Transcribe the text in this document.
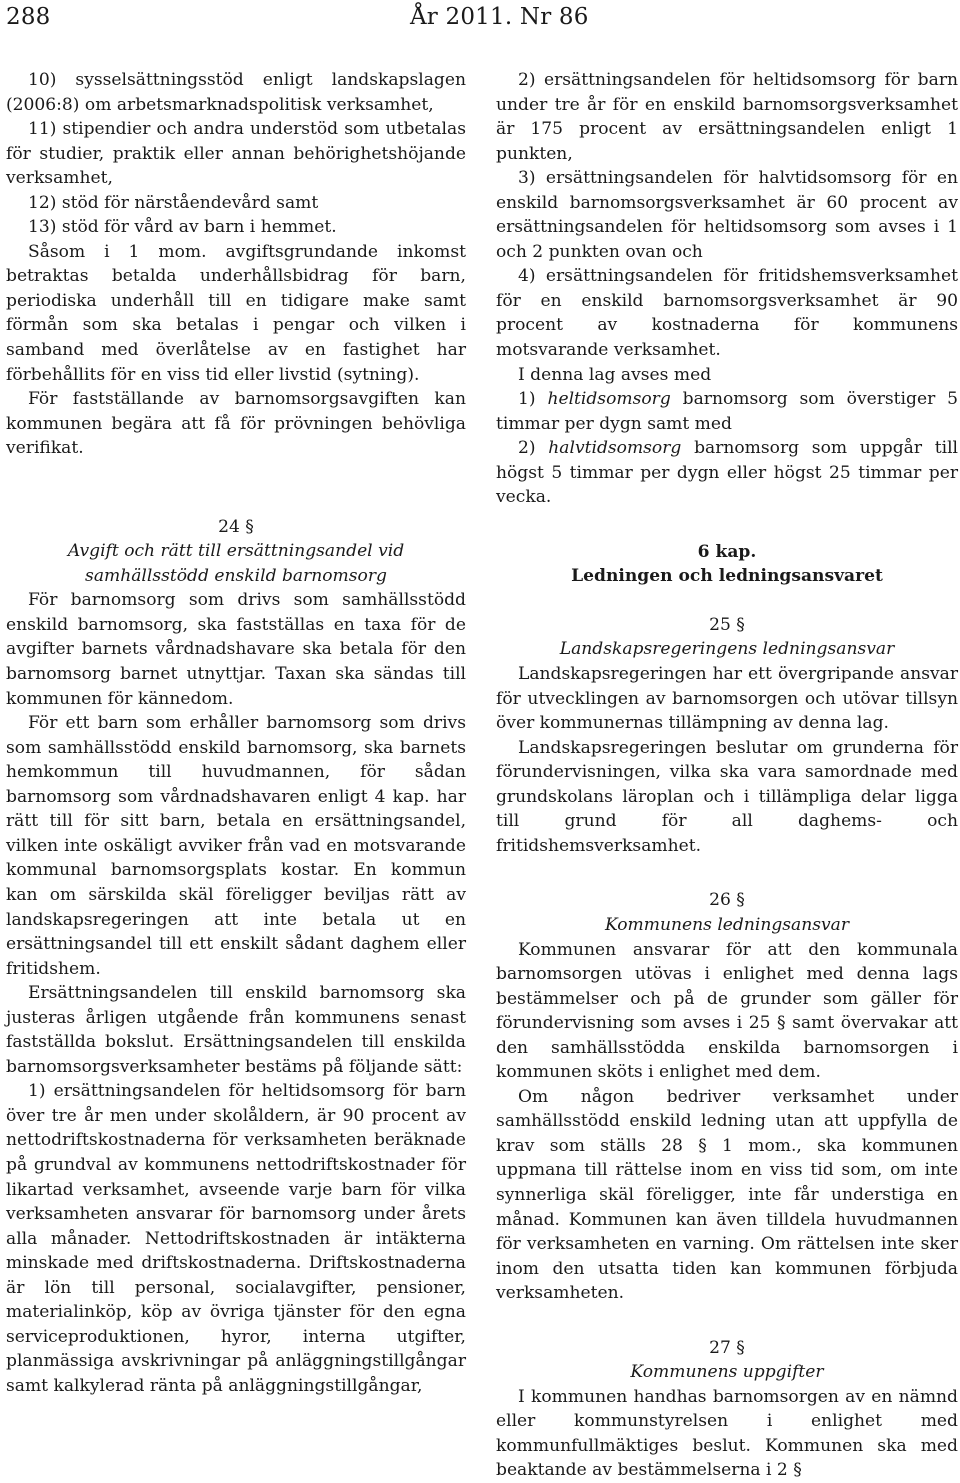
288	År 2011. Nr 86

10) sysselsättningsstöd enligt landskapslagen (2006:8) om arbetsmarknadspolitisk verksamhet,

11) stipendier och andra understöd som utbetalas för studier, praktik eller annan behörighetshöjande verksamhet,

12) stöd för närståendevård samt

13) stöd för vård av barn i hemmet.

Såsom i 1 mom. avgiftsgrundande inkomst betraktas betalda underhållsbidrag för barn, periodiska underhåll till en tidigare make samt förmån som ska betalas i pengar och vilken i samband med överlåtelse av en fastighet har förbehållits för en viss tid eller livstid (sytning).

För fastställande av barnomsorgsavgiften kan kommunen begära att få för prövningen behövliga verifikat.

24 §
Avgift och rätt till ersättningsandel vid samhällsstödd enskild barnomsorg

För barnomsorg som drivs som samhällsstödd enskild barnomsorg, ska fastställas en taxa för de avgifter barnets vårdnadshavare ska betala för den barnomsorg barnet utnyttjar. Taxan ska sändas till kommunen för kännedom.

För ett barn som erhåller barnomsorg som drivs som samhällsstödd enskild barnomsorg, ska barnets hemkommun till huvudmannen, för sådan barnomsorg som vårdnadshavaren enligt 4 kap. har rätt till för sitt barn, betala en ersättningsandel, vilken inte oskäligt avviker från vad en motsvarande kommunal barnomsorgsplats kostar. En kommun kan om särskilda skäl föreligger beviljas rätt av landskapsregeringen att inte betala ut en ersättningsandel till ett enskilt sådant daghem eller fritidshem.

Ersättningsandelen till enskild barnomsorg ska justeras årligen utgående från kommunens senast fastställda bokslut. Ersättningsandelen till enskilda barnomsorgsverksamheter bestäms på följande sätt:

1) ersättningsandelen för heltidsomsorg för barn över tre år men under skolåldern, är 90 procent av nettodriftskostnaderna för verksamheten beräknade på grundval av kommunens nettodriftskostnader för likartad verksamhet, avseende varje barn för vilka verksamheten ansvarar för barnomsorg under årets alla månader. Nettodriftskostnaden är intäkterna minskade med driftskostnaderna. Driftskostnaderna är lön till personal, socialavgifter, pensioner, materialinköp, köp av övriga tjänster för den egna serviceproduktionen, hyror, interna utgifter, planmässiga avskrivningar på anläggningstillgångar samt kalkylerad ränta på anläggningstillgångar,

2) ersättningsandelen för heltidsomsorg för barn under tre år för en enskild barnomsorgsverksamhet är 175 procent av ersättningsandelen enligt 1 punkten,

3) ersättningsandelen för halvtidsomsorg för en enskild barnomsorgsverksamhet är 60 procent av ersättningsandelen för heltidsomsorg som avses i 1 och 2 punkten ovan och

4) ersättningsandelen för fritidshemsverksamhet för en enskild barnomsorgsverksamhet är 90 procent av kostnaderna för kommunens motsvarande verksamhet.

I denna lag avses med

1) heltidsomsorg barnomsorg som överstiger 5 timmar per dygn samt med

2) halvtidsomsorg barnomsorg som uppgår till högst 5 timmar per dygn eller högst 25 timmar per vecka.

6 kap.
Ledningen och ledningsansvaret
25 §
Landskapsregeringens ledningsansvar

Landskapsregeringen har ett övergripande ansvar för utvecklingen av barnomsorgen och utövar tillsyn över kommunernas tillämpning av denna lag.

Landskapsregeringen beslutar om grunderna för förundervisningen, vilka ska vara samordnade med grundskolans läroplan och i tillämpliga delar ligga till grund för all daghems- och fritidshemsverksamhet.

26 §
Kommunens ledningsansvar

Kommunen ansvarar för att den kommunala barnomsorgen utövas i enlighet med denna lags bestämmelser och på de grunder som gäller för förundervisning som avses i 25 § samt övervakar att den samhällsstödda enskilda barnomsorgen i kommunen sköts i enlighet med dem.

Om någon bedriver verksamhet under samhällsstödd enskild ledning utan att uppfylla de krav som ställs 28 § 1 mom., ska kommunen uppmana till rättelse inom en viss tid som, om inte synnerliga skäl föreligger, inte får understiga en månad. Kommunen kan även tilldela huvudmannen för verksamheten en varning. Om rättelsen inte sker inom den utsatta tiden kan kommunen förbjuda verksamheten.

27 §
Kommunens uppgifter

I kommunen handhas barnomsorgen av en nämnd eller kommunstyrelsen i enlighet med kommunfullmäktiges beslut. Kommunen ska med beaktande av bestämmelserna i 2 §
